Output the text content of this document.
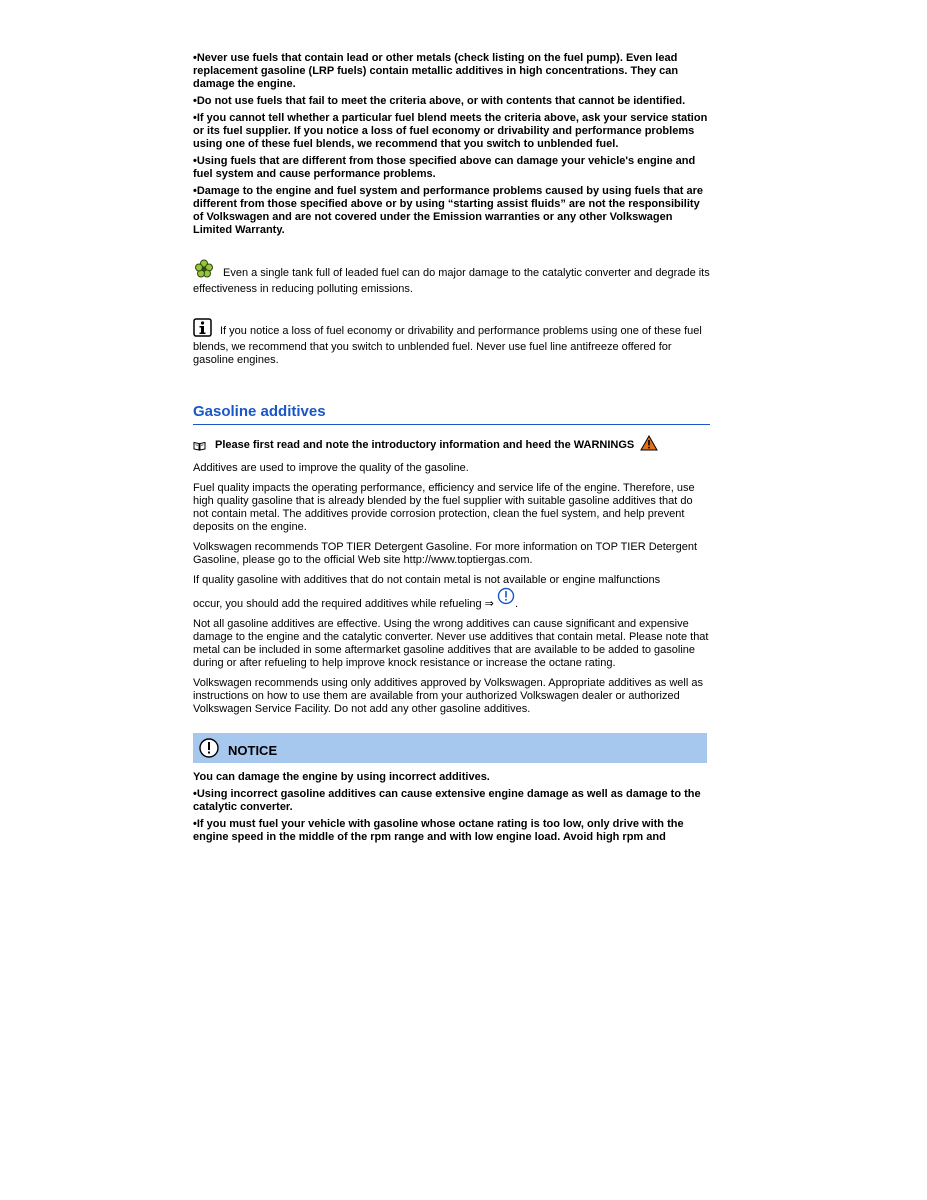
•Never use fuels that contain lead or other metals (check listing on the fuel pump). Even lead replacement gasoline (LRP fuels) contain metallic additives in high concentrations. They can damage the engine.

•Do not use fuels that fail to meet the criteria above, or with contents that cannot be identified.

•If you cannot tell whether a particular fuel blend meets the criteria above, ask your service station or its fuel supplier. If you notice a loss of fuel economy or drivability and performance problems using one of these fuel blends, we recommend that you switch to unblended fuel.

•Using fuels that are different from those specified above can damage your vehicle's engine and fuel system and cause performance problems.

•Damage to the engine and fuel system and performance problems caused by using fuels that are different from those specified above or by using “starting assist fluids” are not the responsibility of Volkswagen and are not covered under the Emission warranties or any other Volkswagen Limited Warranty.

Even a single tank full of leaded fuel can do major damage to the catalytic converter and degrade its effectiveness in reducing polluting emissions.

If you notice a loss of fuel economy or drivability and performance problems using one of these fuel blends, we recommend that you switch to unblended fuel. Never use fuel line antifreeze offered for gasoline engines.

Gasoline additives

Please first read and note the introductory information and heed the WARNINGS

Additives are used to improve the quality of the gasoline.

Fuel quality impacts the operating performance, efficiency and service life of the engine. Therefore, use high quality gasoline that is already blended by the fuel supplier with suitable gasoline additives that do not contain metal. The additives provide corrosion protection, clean the fuel system, and help prevent deposits on the engine.

Volkswagen recommends TOP TIER Detergent Gasoline. For more information on TOP TIER Detergent Gasoline, please go to the official Web site http://www.toptiergas.com.

If quality gasoline with additives that do not contain metal is not available or engine malfunctions
occur, you should add the required additives while refueling ⇒ .

Not all gasoline additives are effective. Using the wrong additives can cause significant and expensive damage to the engine and the catalytic converter. Never use additives that contain metal. Please note that metal can be included in some aftermarket gasoline additives that are available to be added to gasoline during or after refueling to help improve knock resistance or increase the octane rating.

Volkswagen recommends using only additives approved by Volkswagen. Appropriate additives as well as instructions on how to use them are available from your authorized Volkswagen dealer or authorized Volkswagen Service Facility. Do not add any other gasoline additives.

NOTICE

You can damage the engine by using incorrect additives.

•Using incorrect gasoline additives can cause extensive engine damage as well as damage to the catalytic converter.

•If you must fuel your vehicle with gasoline whose octane rating is too low, only drive with the engine speed in the middle of the rpm range and with low engine load. Avoid high rpm and
